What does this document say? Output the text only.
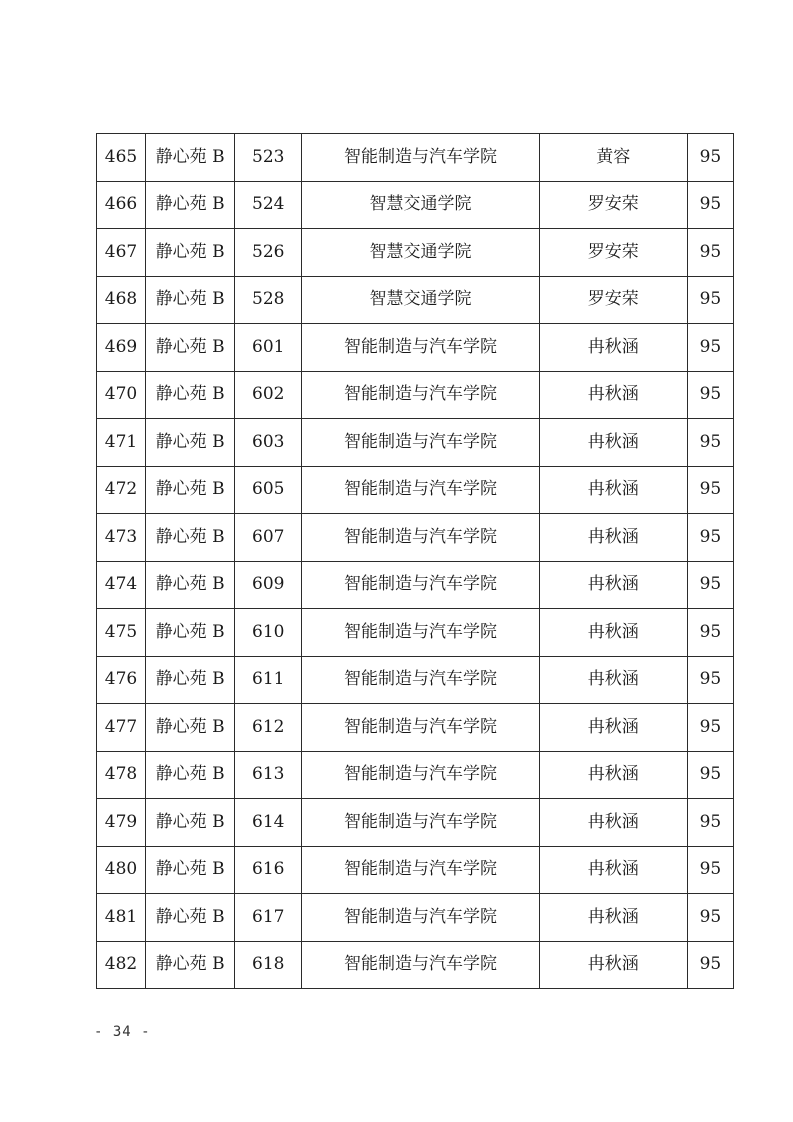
465	静心苑 B	523	智能制造与汽车学院	黄容	95
466	静心苑 B	524	智慧交通学院	罗安荣	95
467	静心苑 B	526	智慧交通学院	罗安荣	95
468	静心苑 B	528	智慧交通学院	罗安荣	95
469	静心苑 B	601	智能制造与汽车学院	冉秋涵	95
470	静心苑 B	602	智能制造与汽车学院	冉秋涵	95
471	静心苑 B	603	智能制造与汽车学院	冉秋涵	95
472	静心苑 B	605	智能制造与汽车学院	冉秋涵	95
473	静心苑 B	607	智能制造与汽车学院	冉秋涵	95
474	静心苑 B	609	智能制造与汽车学院	冉秋涵	95
475	静心苑 B	610	智能制造与汽车学院	冉秋涵	95
476	静心苑 B	611	智能制造与汽车学院	冉秋涵	95
477	静心苑 B	612	智能制造与汽车学院	冉秋涵	95
478	静心苑 B	613	智能制造与汽车学院	冉秋涵	95
479	静心苑 B	614	智能制造与汽车学院	冉秋涵	95
480	静心苑 B	616	智能制造与汽车学院	冉秋涵	95
481	静心苑 B	617	智能制造与汽车学院	冉秋涵	95
482	静心苑 B	618	智能制造与汽车学院	冉秋涵	95
- 34 -
